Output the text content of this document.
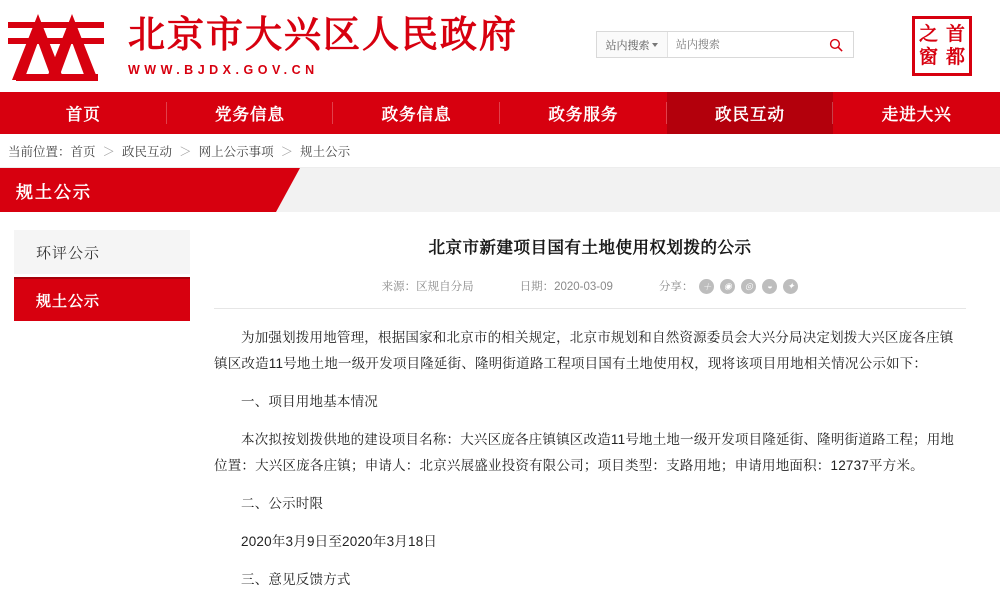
北京市大兴区人民政府
WWW.BJDX.GOV.CN
站内搜索
站内搜索
之 首
窗 都
首页	党务信息	政务信息	政务服务	政民互动	走进大兴
当前位置： 首页 ＞ 政民互动 ＞ 网上公示事项 ＞ 规土公示
规土公示
环评公示
规土公示
北京市新建项目国有土地使用权划拨的公示
来源：区规自分局	日期：2020-03-09	分享： ＋	◉	◎	◒	✦

为加强划拨用地管理，根据国家和北京市的相关规定，北京市规划和自然资源委员会大兴分局决定划拨大兴区庞各庄镇镇区改造11号地土地一级开发项目隆延街、隆明街道路工程项目国有土地使用权，现将该项目用地相关情况公示如下：

一、项目用地基本情况

本次拟按划拨供地的建设项目名称：大兴区庞各庄镇镇区改造11号地土地一级开发项目隆延街、隆明街道路工程；用地位置：大兴区庞各庄镇；申请人：北京兴展盛业投资有限公司；项目类型：支路用地；申请用地面积：12737平方米。

二、公示时限

2020年3月9日至2020年3月18日

三、意见反馈方式
